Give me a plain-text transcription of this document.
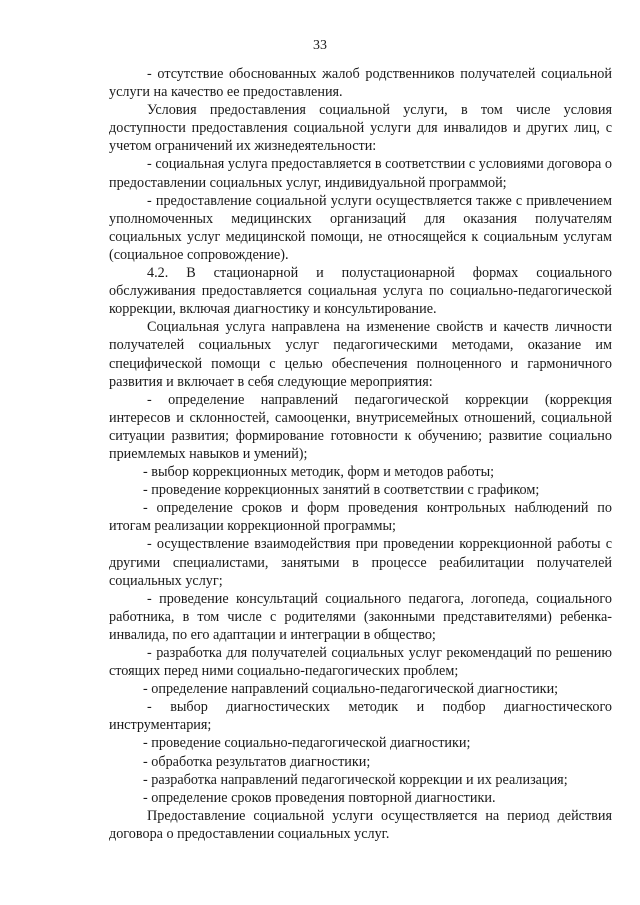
33

- отсутствие обоснованных жалоб родственников получателей социальной услуги на качество ее предоставления.

Условия предоставления социальной услуги, в том числе условия доступности предоставления социальной услуги для инвалидов и других лиц, с учетом ограничений их жизнедеятельности:

- социальная услуга предоставляется в соответствии с условиями договора о предоставлении социальных услуг, индивидуальной программой;

- предоставление социальной услуги осуществляется также с привлечением уполномоченных медицинских организаций для оказания получателям социальных услуг медицинской помощи, не относящейся к социальным услугам (социальное сопровождение).

4.2. В стационарной и полустационарной формах социального обслуживания предоставляется социальная услуга по социально-педагогической коррекции, включая диагностику и консультирование.

Социальная услуга направлена на изменение свойств и качеств личности получателей социальных услуг педагогическими методами, оказание им специфической помощи с целью обеспечения полноценного и гармоничного развития и включает в себя следующие мероприятия:

- определение направлений педагогической коррекции (коррекция интересов и склонностей, самооценки, внутрисемейных отношений, социальной ситуации развития; формирование готовности к обучению; развитие социально приемлемых навыков и умений);

- выбор коррекционных методик, форм и методов работы;

- проведение коррекционных занятий в соответствии с графиком;

- определение сроков и форм проведения контрольных наблюдений по итогам реализации коррекционной программы;

- осуществление взаимодействия при проведении коррекционной работы с другими специалистами, занятыми в процессе реабилитации получателей социальных услуг;

- проведение консультаций социального педагога, логопеда, социального работника, в том числе с родителями (законными представителями) ребенка-инвалида, по его адаптации и интеграции в общество;

- разработка для получателей социальных услуг рекомендаций по решению стоящих перед ними социально-педагогических проблем;

- определение направлений социально-педагогической диагностики;

- выбор диагностических методик и подбор диагностического инструментария;

- проведение социально-педагогической диагностики;

- обработка результатов диагностики;

- разработка направлений педагогической коррекции и их реализация;

- определение сроков проведения повторной диагностики.

Предоставление социальной услуги осуществляется на период действия договора о предоставлении социальных услуг.
